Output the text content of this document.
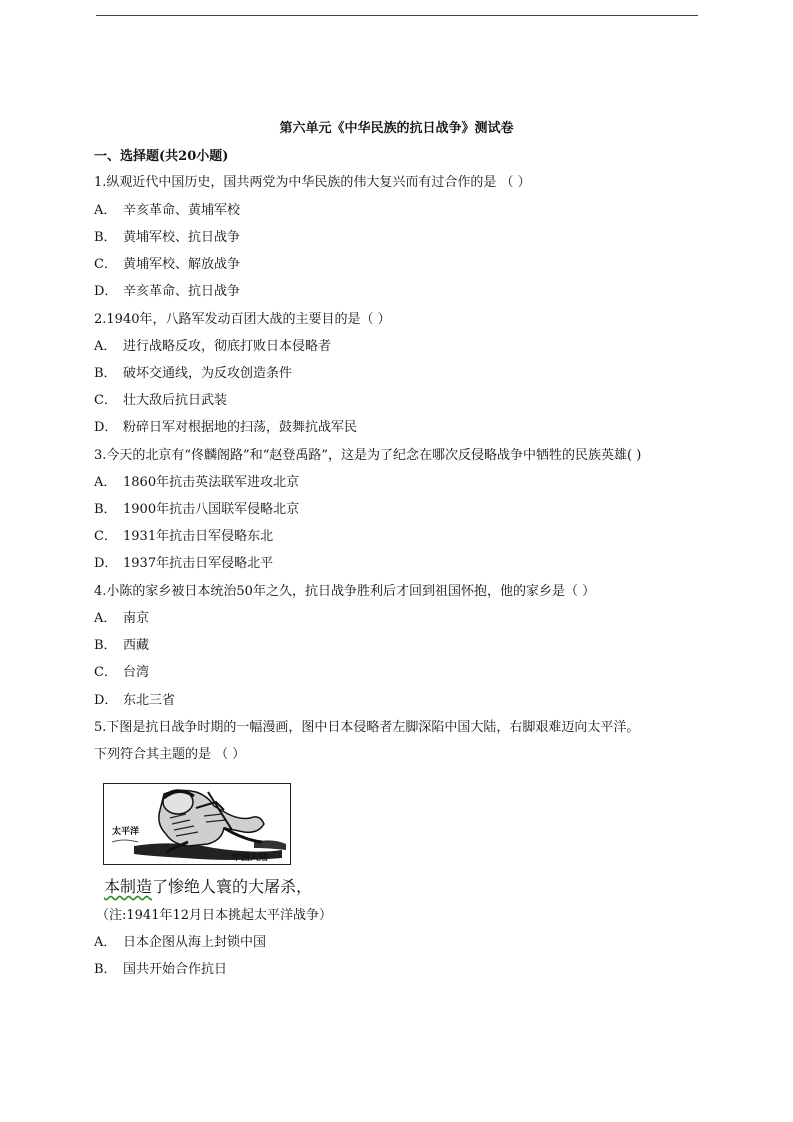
第六单元《中华民族的抗日战争》测试卷
一、选择题(共20小题)
1.纵观近代中国历史，国共两党为中华民族的伟大复兴而有过合作的是 （ ）
A． 辛亥革命、黄埔军校
B． 黄埔军校、抗日战争
C． 黄埔军校、解放战争
D． 辛亥革命、抗日战争
2.1940年，八路军发动百团大战的主要目的是（ ）
A． 进行战略反攻，彻底打败日本侵略者
B． 破坏交通线，为反攻创造条件
C． 壮大敌后抗日武装
D． 粉碎日军对根据地的扫荡，鼓舞抗战军民
3.今天的北京有“佟麟阁路”和“赵登禹路”，这是为了纪念在哪次反侵略战争中牺牲的民族英雄( )
A． 1860年抗击英法联军进攻北京
B． 1900年抗击八国联军侵略北京
C． 1931年抗击日军侵略东北
D． 1937年抗击日军侵略北平
4.小陈的家乡被日本统治50年之久，抗日战争胜利后才回到祖国怀抱，他的家乡是（ ）
A． 南京
B． 西藏
C． 台湾
D． 东北三省
5.下图是抗日战争时期的一幅漫画，图中日本侵略者左脚深陷中国大陆，右脚艰难迈向太平洋。
下列符合其主题的是 （ ）
太平洋
中国大陆
本制造了惨绝人寰的大屠杀，
（注:1941年12月日本挑起太平洋战争）
A． 日本企图从海上封锁中国
B． 国共开始合作抗日
